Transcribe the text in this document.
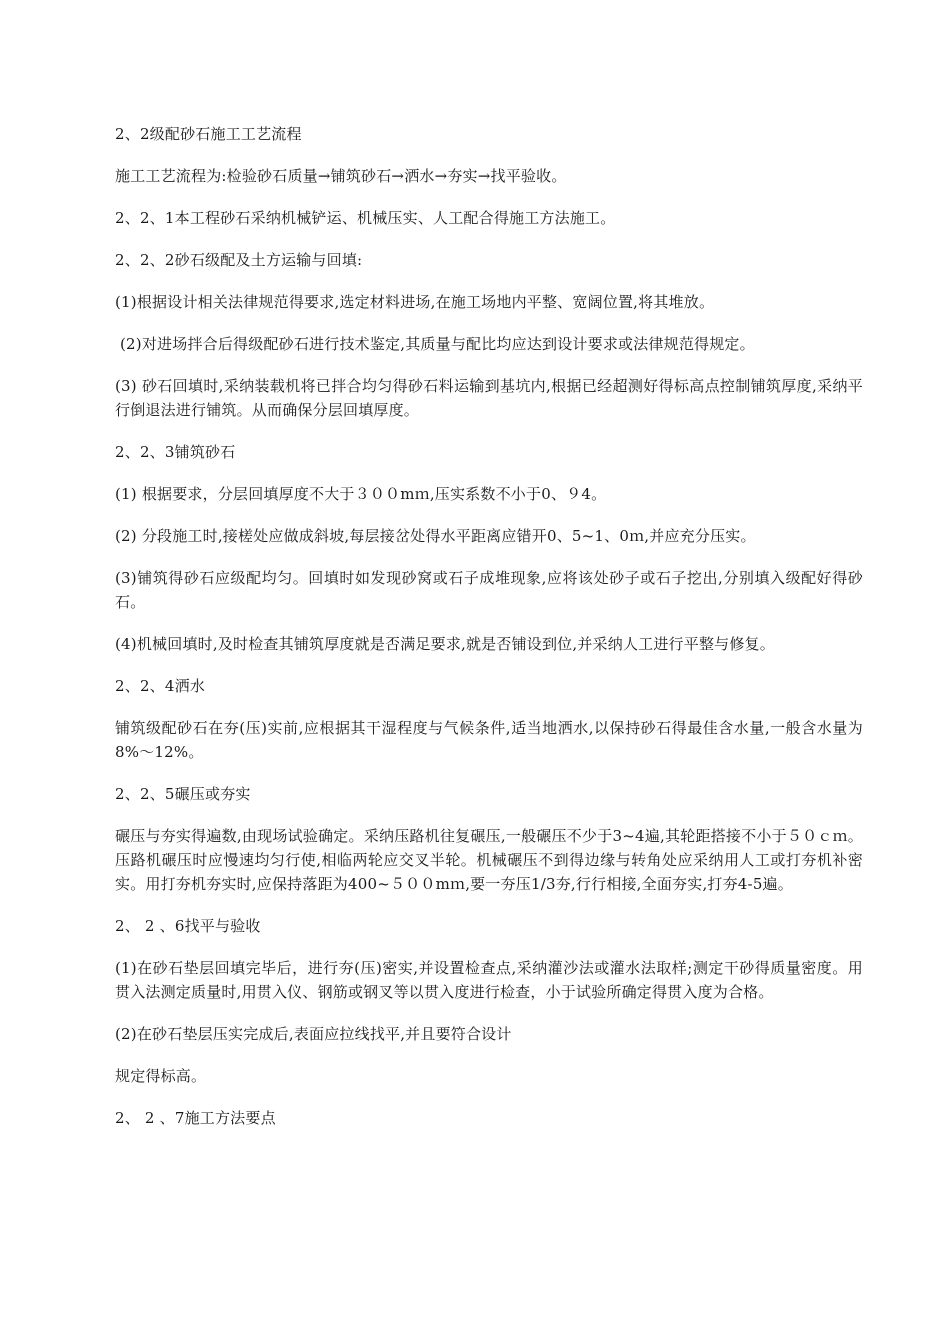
2、2级配砂石施工工艺流程

施工工艺流程为:检验砂石质量→铺筑砂石→洒水→夯实→找平验收。

2、2、1本工程砂石采纳机械铲运、机械压实、人工配合得施工方法施工。

2、2、2砂石级配及土方运输与回填:

(1)根据设计相关法律规范得要求,选定材料进场,在施工场地内平整、宽阔位置,将其堆放。

(2)对进场拌合后得级配砂石进行技术鉴定,其质量与配比均应达到设计要求或法律规范得规定。

(3) 砂石回填时,采纳装载机将已拌合均匀得砂石料运输到基坑内,根据已经超测好得标高点控制铺筑厚度,采纳平行倒退法进行铺筑。从而确保分层回填厚度。

2、2、3铺筑砂石

(1) 根据要求，分层回填厚度不大于３００mｍ,压实系数不小于0、９4。

(2) 分段施工时,接槎处应做成斜坡,每层接岔处得水平距离应错开0、5~1、0ｍ,并应充分压实。

(3)铺筑得砂石应级配均匀。回填时如发现砂窝或石子成堆现象,应将该处砂子或石子挖出,分别填入级配好得砂石。

(4)机械回填时,及时检查其铺筑厚度就是否满足要求,就是否铺设到位,并采纳人工进行平整与修复。

2、2、4洒水

铺筑级配砂石在夯(压)实前,应根据其干湿程度与气候条件,适当地洒水,以保持砂石得最佳含水量,一般含水量为8%～12%。

2、2、5碾压或夯实

碾压与夯实得遍数,由现场试验确定。采纳压路机往复碾压,一般碾压不少于3~4遍,其轮距搭接不小于５０ｃｍ。压路机碾压时应慢速均匀行使,相临两轮应交叉半轮。机械碾压不到得边缘与转角处应采纳用人工或打夯机补密实。用打夯机夯实时,应保持落距为400~５００mｍ,要一夯压1/3夯,行行相接,全面夯实,打夯4-5遍。

2、 2 、6找平与验收

(1)在砂石垫层回填完毕后，进行夯(压)密实,并设置检查点,采纳灌沙法或灌水法取样;测定干砂得质量密度。用贯入法测定质量时,用贯入仪、钢筋或钢叉等以贯入度进行检查，小于试验所确定得贯入度为合格。

(2)在砂石垫层压实完成后,表面应拉线找平,并且要符合设计

规定得标高。

2、 2 、7施工方法要点
